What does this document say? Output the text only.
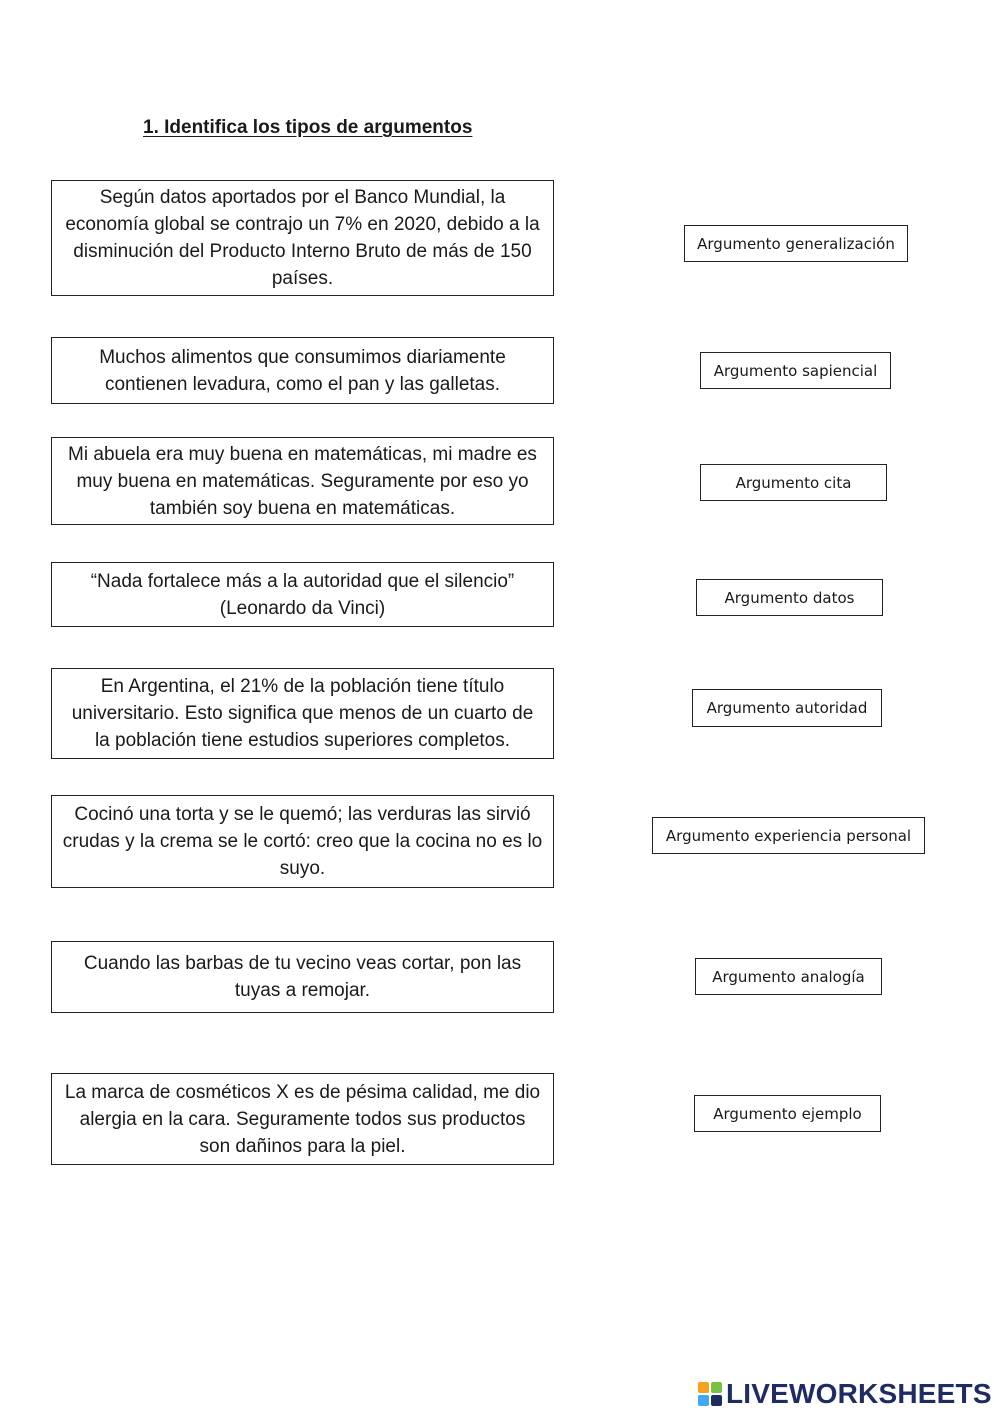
1. Identifica los tipos de argumentos
Según datos aportados por el Banco Mundial, la economía global se contrajo un 7% en 2020, debido a la disminución del Producto Interno Bruto de más de 150 países.
Muchos alimentos que consumimos diariamente contienen levadura, como el pan y las galletas.
Mi abuela era muy buena en matemáticas, mi madre es muy buena en matemáticas. Seguramente por eso yo también soy buena en matemáticas.
“Nada fortalece más a la autoridad que el silencio” (Leonardo da Vinci)
En Argentina, el 21% de la población tiene título universitario. Esto significa que menos de un cuarto de la población tiene estudios superiores completos.
Cocinó una torta y se le quemó; las verduras las sirvió crudas y la crema se le cortó: creo que la cocina no es lo suyo.
Cuando las barbas de tu vecino veas cortar, pon las tuyas a remojar.
La marca de cosméticos X es de pésima calidad, me dio alergia en la cara. Seguramente todos sus productos son dañinos para la piel.
Argumento generalización
Argumento sapiencial
Argumento cita
Argumento datos
Argumento autoridad
Argumento experiencia personal
Argumento analogía
Argumento ejemplo
LIVEWORKSHEETS
